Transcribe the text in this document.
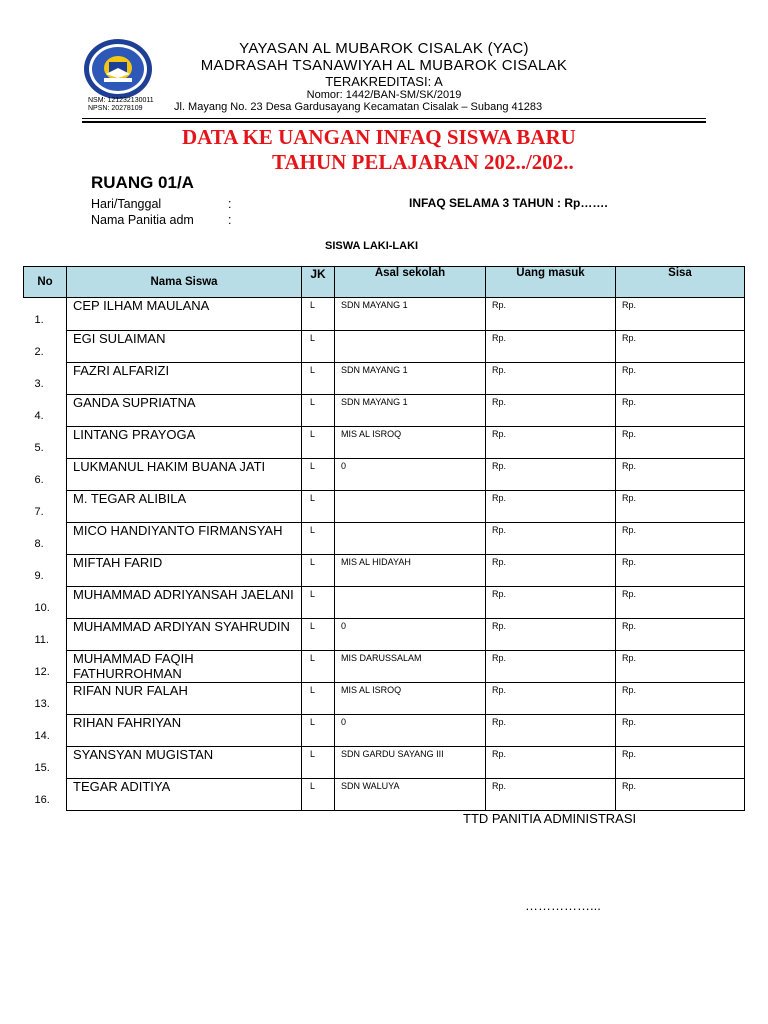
NSM: 121232130011
NPSN: 20278109
YAYASAN AL MUBAROK CISALAK (YAC)
MADRASAH TSANAWIYAH AL MUBAROK CISALAK
TERAKREDITASI: A
Nomor: 1442/BAN-SM/SK/2019
Jl. Mayang No. 23 Desa Gardusayang Kecamatan Cisalak – Subang 41283
DATA KE UANGAN INFAQ SISWA BARU
TAHUN PELAJARAN 202../202..
RUANG 01/A
Hari/Tanggal	:
Nama Panitia adm	:
INFAQ SELAMA 3 TAHUN : Rp…….
SISWA LAKI-LAKI
No	Nama Siswa	JK	Asal sekolah	Uang masuk	Sisa
1.	CEP ILHAM MAULANA	L	SDN MAYANG 1	Rp.	Rp.
2.	EGI SULAIMAN	L		Rp.	Rp.
3.	FAZRI ALFARIZI	L	SDN MAYANG 1	Rp.	Rp.
4.	GANDA SUPRIATNA	L	SDN MAYANG 1	Rp.	Rp.
5.	LINTANG PRAYOGA	L	MIS AL ISROQ	Rp.	Rp.
6.	LUKMANUL HAKIM BUANA JATI	L	0	Rp.	Rp.
7.	M. TEGAR ALIBILA	L		Rp.	Rp.
8.	MICO HANDIYANTO FIRMANSYAH	L		Rp.	Rp.
9.	MIFTAH FARID	L	MIS AL HIDAYAH	Rp.	Rp.
10.	MUHAMMAD ADRIYANSAH JAELANI	L		Rp.	Rp.
11.	MUHAMMAD ARDIYAN SYAHRUDIN	L	0	Rp.	Rp.
12.	MUHAMMAD FAQIH FATHURROHMAN	L	MIS DARUSSALAM	Rp.	Rp.
13.	RIFAN NUR FALAH	L	MIS AL ISROQ	Rp.	Rp.
14.	RIHAN FAHRIYAN	L	0	Rp.	Rp.
15.	SYANSYAN MUGISTAN	L	SDN GARDU SAYANG III	Rp.	Rp.
16.	TEGAR ADITIYA	L	SDN WALUYA	Rp.	Rp.
TTD PANITIA ADMINISTRASI
……………...
